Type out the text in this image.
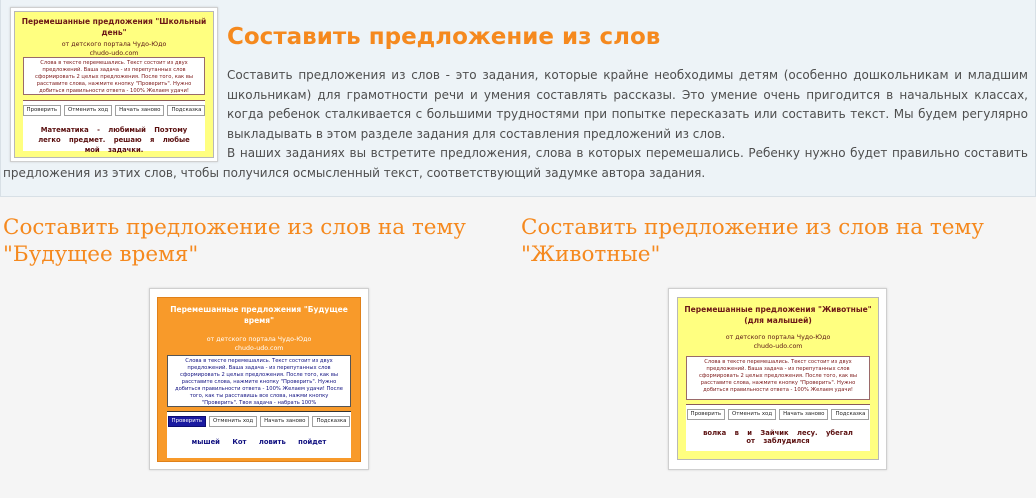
Перемешанные предложения "Школьный день"
от детского портала Чудо-Юдо
chudo-udo.com
Слова в тексте перемешались. Текст состоит из двух предложений. Ваша задача - из перепутанных слов сформировать 2 целых предложения. После того, как вы расставите слова, нажмите кнопку "Проверить". Нужно добиться правильности ответа - 100% Желаем удачи!
Проверить	Отменить ход	Начать заново	Подсказка
Математика - любимый Поэтому легко предмет. решаю я любые мой задачки.
Составить предложение из слов

Составить предложения из слов - это задания, которые крайне необходимы детям (особенно дошкольникам и младшим школьникам) для грамотности речи и умения составлять рассказы. Это умение очень пригодится в начальных классах, когда ребенок сталкивается с большими трудностями при попытке пересказать или составить текст. Мы будем регулярно выкладывать в этом разделе задания для составления предложений из слов.

В наших заданиях вы встретите предложения, слова в которых перемешались. Ребенку нужно будет правильно составить предложения из этих слов, чтобы получился осмысленный текст, соответствующий задумке автора задания.

Составить предложение из слов на тему
"Будущее время"
Перемешанные предложения "Будущее время"
от детского портала Чудо-Юдо
chudo-udo.com
Слова в тексте перемешались. Текст состоит из двух предложений. Ваша задача - из перепутанных слов сформировать 2 целых предложения. После того, как вы расставите слова, нажмите кнопку "Проверить". Нужно добиться правильности ответа - 100% Желаем удачи! После того, как ты расставишь все слова, нажми кнопку "Проверить". Твоя задача - набрать 100%
Проверить	Отменить ход	Начать заново	Подсказка
мышей Кот ловить пойдет
Составить предложение из слов на тему
"Животные"
Перемешанные предложения "Животные" (для малышей)
от детского портала Чудо-Юдо
chudo-udo.com
Слова в тексте перемешались. Текст состоит из двух предложений. Ваша задача - из перепутанных слов сформировать 2 целых предложения. После того, как вы расставите слова, нажмите кнопку "Проверить". Нужно добиться правильности ответа - 100% Желаем удачи!
Проверить	Отменить ход	Начать заново	Подсказка
волка в и Зайчик лесу. убегал от заблудился
